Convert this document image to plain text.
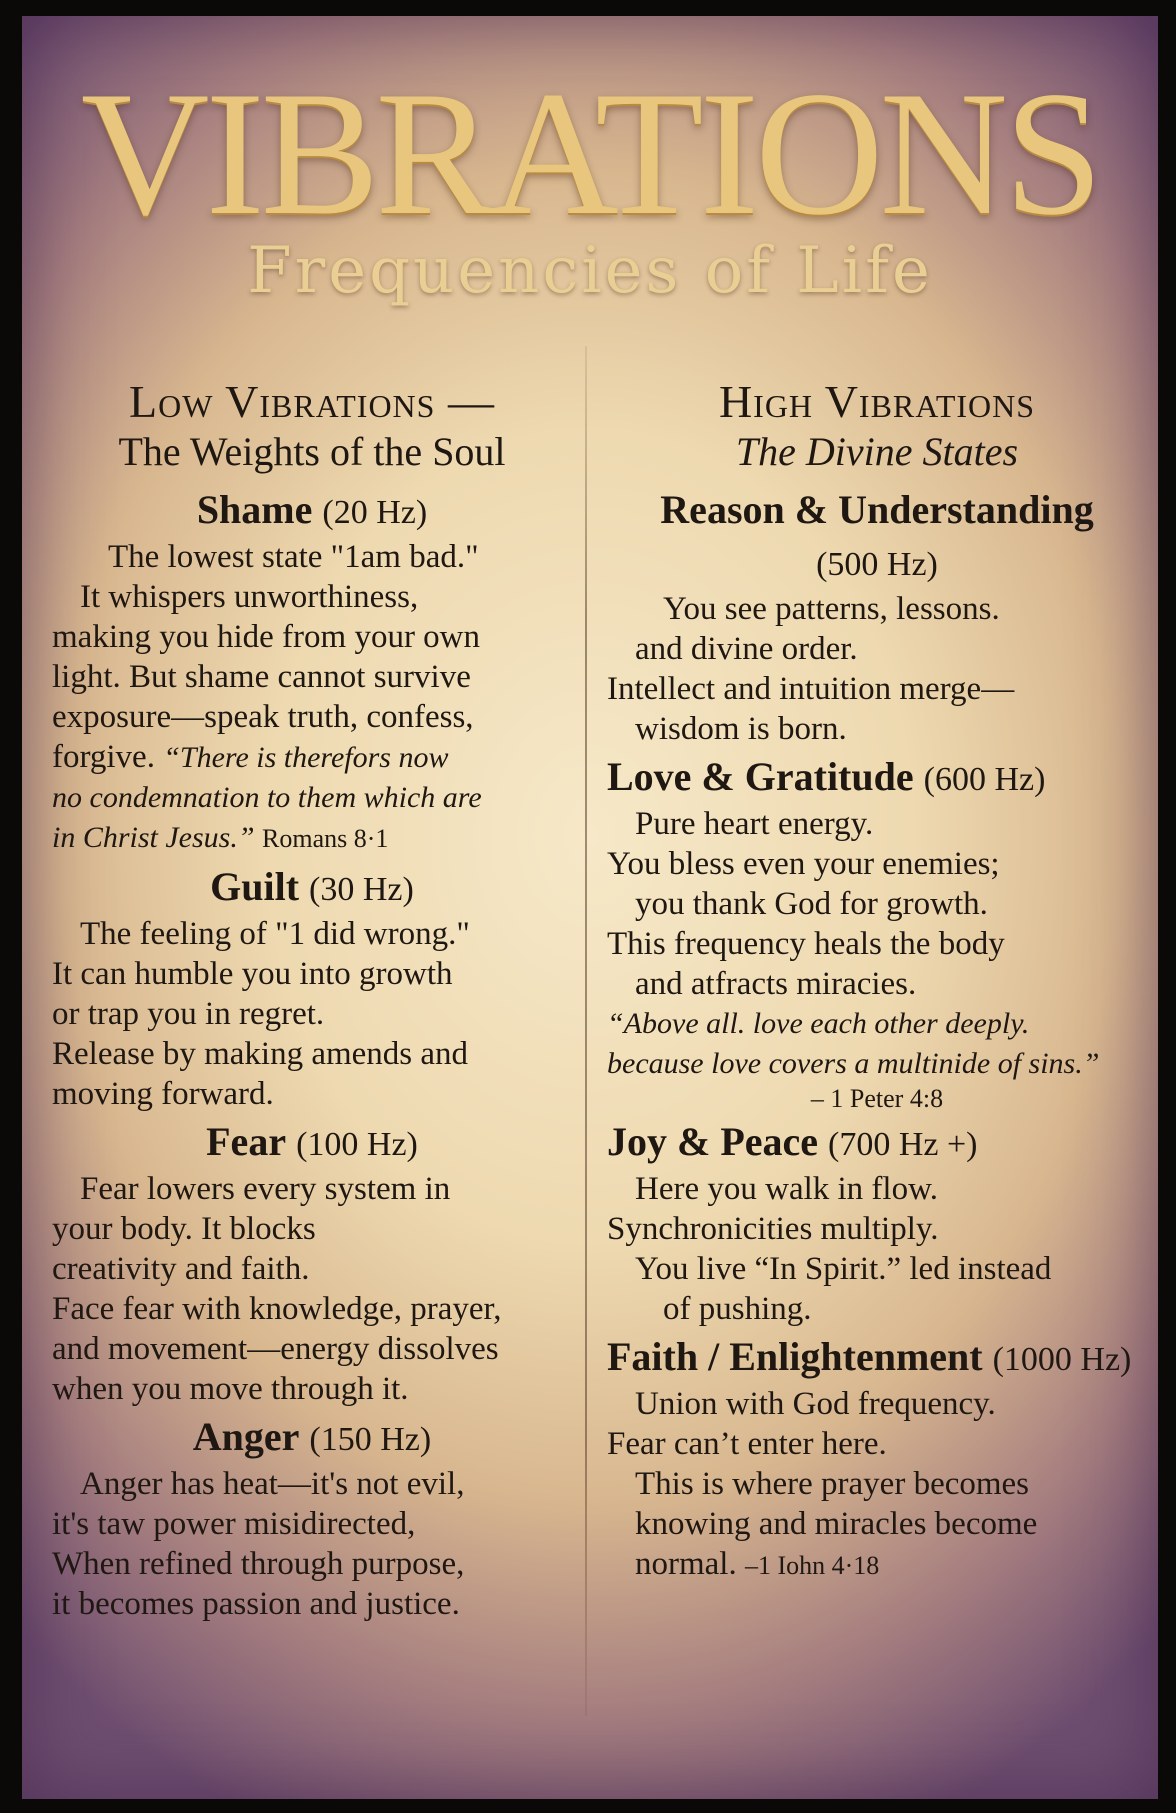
VIBRATIONS
Frequencies of Life
Low Vibrations —
The Weights of the Soul
Shame (20 Hz)
The lowest state "1am bad."
It whispers unworthiness,
making you hide from your own
light. But shame cannot survive
exposure—speak truth, confess,
forgive. “There is therefors now
no condemnation to them which are
in Christ Jesus.” Romans 8·1
Guilt (30 Hz)
The feeling of "1 did wrong."
It can humble you into growth
or trap you in regret.
Release by making amends and
moving forward.
Fear (100 Hz)
Fear lowers every system in
your body. It blocks
creativity and faith.
Face fear with knowledge, prayer,
and movement—energy dissolves
when you move through it.
Anger (150 Hz)
Anger has heat—it's not evil,
it's taw power misidirected,
When refined through purpose,
it becomes passion and justice.
High Vibrations
The Divine States
Reason & Understanding
(500 Hz)
You see patterns, lessons.
and divine order.
Intellect and intuition merge—
wisdom is born.
Love & Gratitude (600 Hz)
Pure heart energy.
You bless even your enemies;
you thank God for growth.
This frequency heals the body
and atfracts miracies.
“Above all. love each other deeply.
because love covers a multinide of sins.”
– 1 Peter 4:8
Joy & Peace (700 Hz +)
Here you walk in flow.
Synchronicities multiply.
You live “In Spirit.” led instead
of pushing.
Faith / Enlightenment (1000 Hz)
Union with God frequency.
Fear can’t enter here.
This is where prayer becomes
knowing and miracles become
normal. –1 Iohn 4·18
